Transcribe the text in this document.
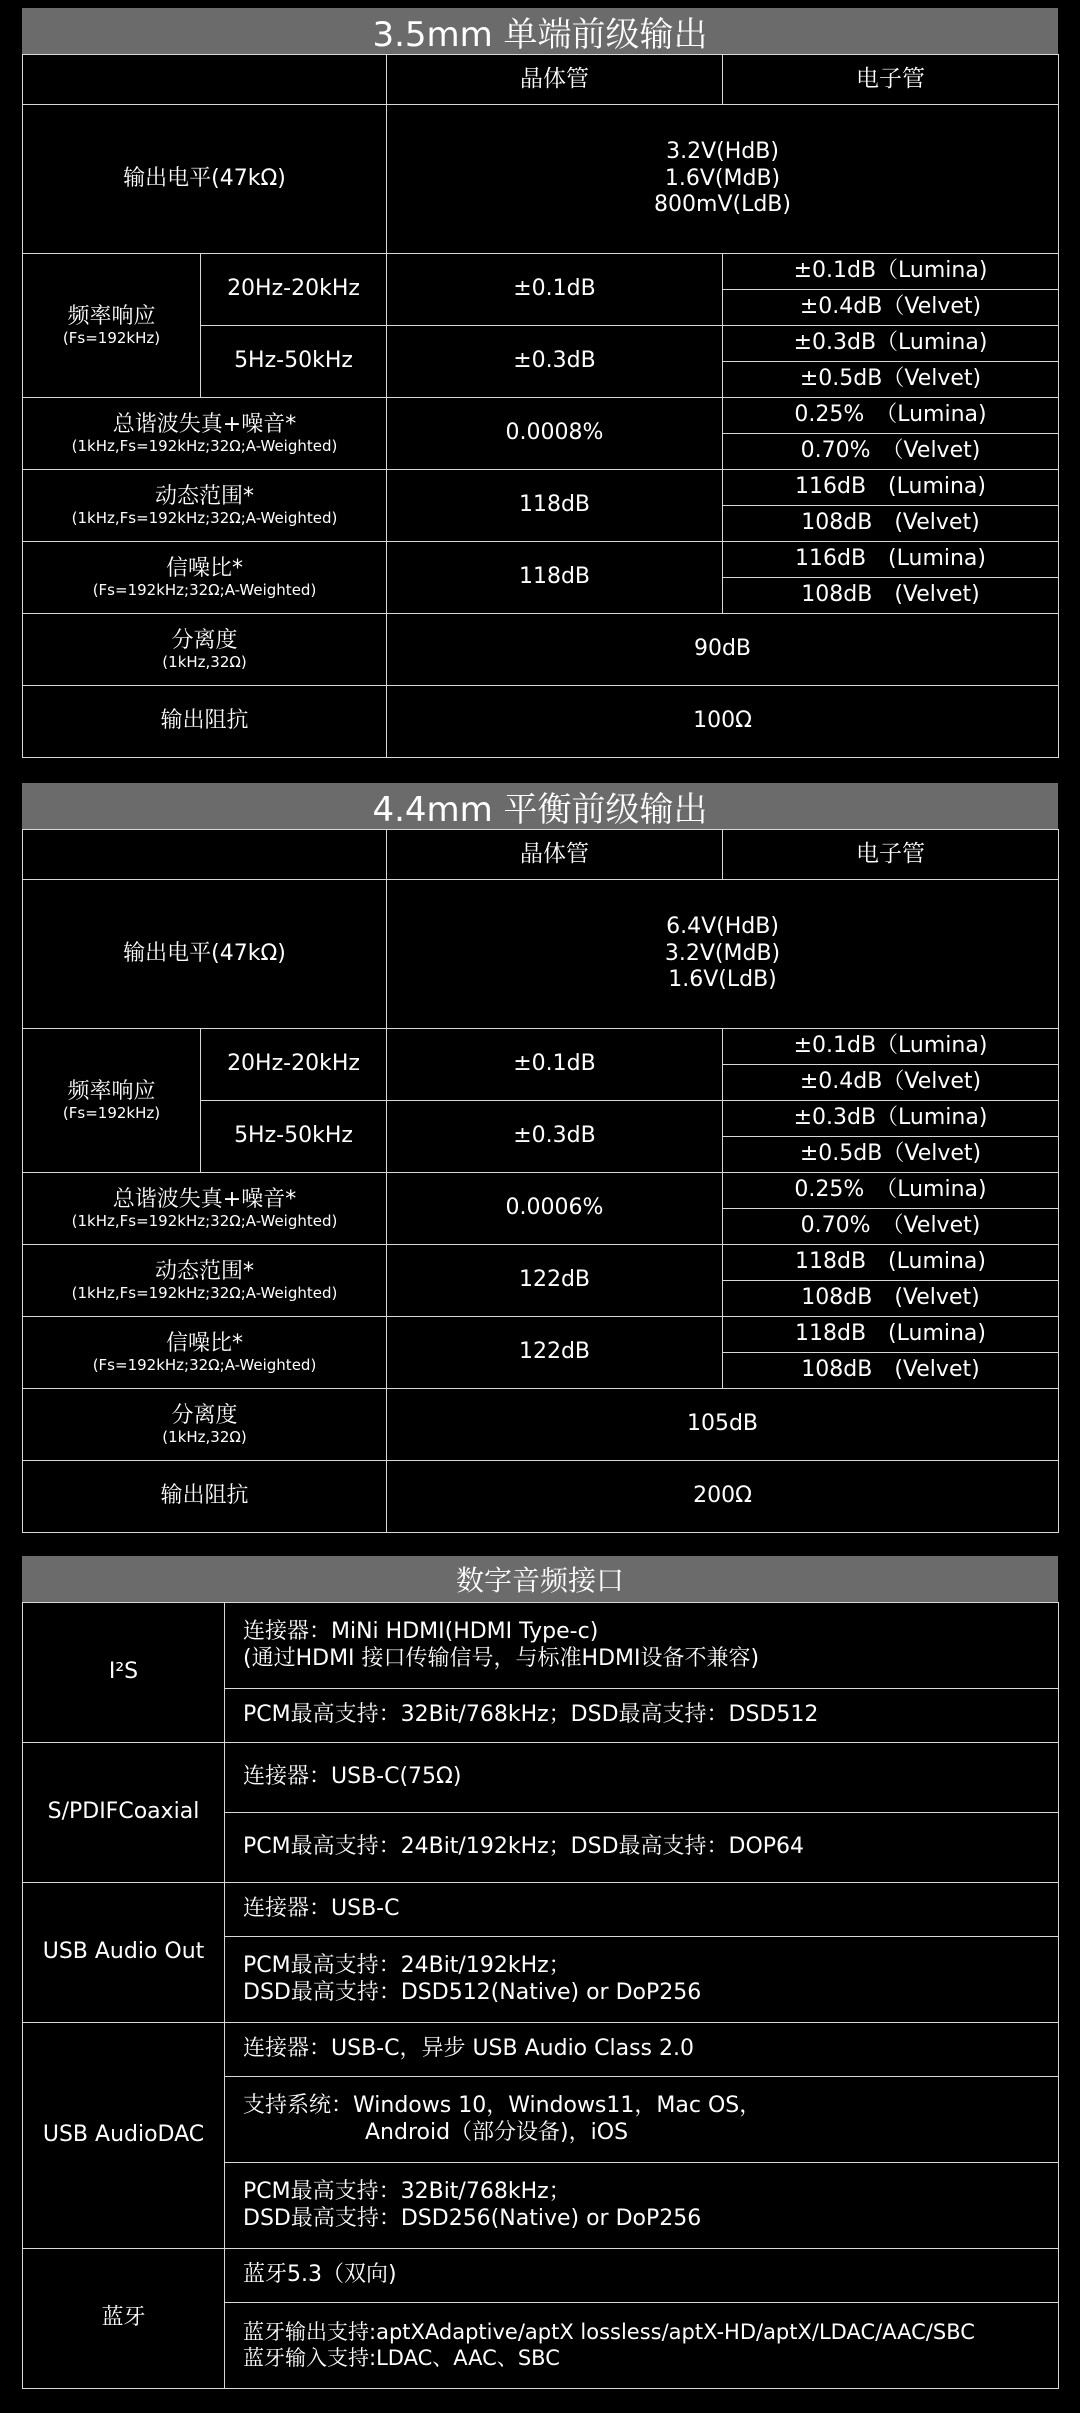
3.5mm 单端前级输出
		晶体管	电子管
输出电平(47kΩ)		3.2V(HdB)
1.6V(MdB)
800mV(LdB)	

频率响应
(Fs=192kHz)	20Hz-20kHz	±0.1dB	±0.1dB（Lumina)
			±0.4dB（Velvet)
	5Hz-50kHz	±0.3dB	±0.3dB（Lumina)
			±0.5dB（Velvet)
总谐波失真+噪音*
(1kHz,Fs=192kHz;32Ω;A-Weighted)		0.0008%	0.25%　（Lumina)
			0.70%　（Velvet)
动态范围*
(1kHz,Fs=192kHz;32Ω;A-Weighted)		118dB	116dB　(Lumina)
			108dB　(Velvet)
信噪比*
(Fs=192kHz;32Ω;A-Weighted)		118dB	116dB　(Lumina)
			108dB　(Velvet)
分离度
(1kHz,32Ω)		90dB	
输出阻抗		100Ω	
4.4mm 平衡前级输出
		晶体管	电子管
输出电平(47kΩ)		6.4V(HdB)
3.2V(MdB)
1.6V(LdB)	

频率响应
(Fs=192kHz)	20Hz-20kHz	±0.1dB	±0.1dB（Lumina)
			±0.4dB（Velvet)
	5Hz-50kHz	±0.3dB	±0.3dB（Lumina)
			±0.5dB（Velvet)
总谐波失真+噪音*
(1kHz,Fs=192kHz;32Ω;A-Weighted)		0.0006%	0.25%　（Lumina)
			0.70%　（Velvet)
动态范围*
(1kHz,Fs=192kHz;32Ω;A-Weighted)		122dB	118dB　(Lumina)
			108dB　(Velvet)
信噪比*
(Fs=192kHz;32Ω;A-Weighted)		122dB	118dB　(Lumina)
			108dB　(Velvet)
分离度
(1kHz,32Ω)		105dB	
输出阻抗		200Ω	
数字音频接口
I²S	连接器：MiNi HDMI(HDMI Type-c)
(通过HDMI 接口传输信号，与标准HDMI设备不兼容)

	PCM最高支持：32Bit/768kHz；DSD最高支持：DSD512
S/PDIFCoaxial	连接器：USB-C(75Ω)
	PCM最高支持：24Bit/192kHz；DSD最高支持：DOP64
USB Audio Out	连接器：USB-C

	PCM最高支持：24Bit/192kHz；
DSD最高支持：DSD512(Native) or DoP256

USB AudioDAC	连接器：USB-C，异步 USB Audio Class 2.0

	支持系统：Windows 10，Windows11，Mac OS，
Android（部分设备)，iOS

	PCM最高支持：32Bit/768kHz；
DSD最高支持：DSD256(Native) or DoP256

蓝牙	蓝牙5.3（双向)

	蓝牙输出支持:aptXAdaptive/aptX lossless/aptX-HD/aptX/LDAC/AAC/SBC
蓝牙输入支持:LDAC、AAC、SBC
